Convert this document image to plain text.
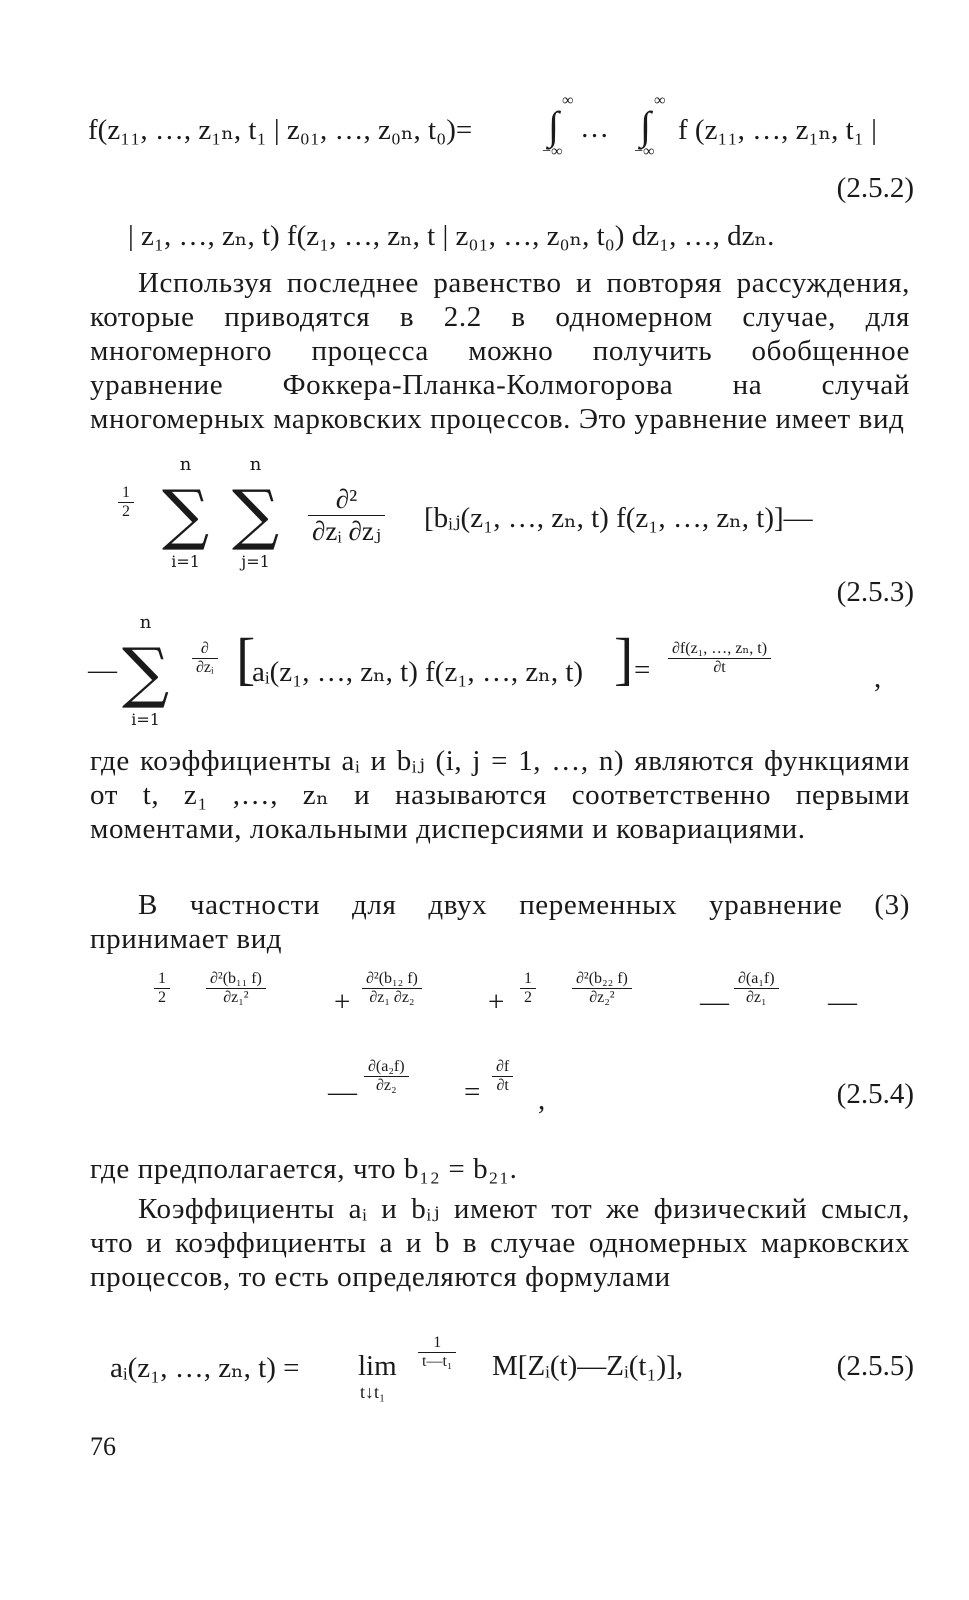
f(z₁₁, …, z₁ₙ, t₁ | z₀₁, …, z₀ₙ, t₀)= ∫
∞
−∞
… ∫
∞
−∞
f (z₁₁, …, z₁ₙ, t₁ |
(2.5.2)
| z₁, …, zₙ, t) f(z₁, …, zₙ, t | z₀₁, …, z₀ₙ, t₀) dz₁, …, dzₙ.
Используя последнее равенство и повторяя рассуждения, которые приводятся в 2.2 в одномерном случае, для многомерного процесса можно получить обобщенное уравнение Фоккера-Планка-Колмогорова на случай многомерных марковских процессов. Это уравнение имеет вид
$\frac{1}{2}$ ∑
n
i=1
∑
n
j=1
∂²
∂zᵢ ∂zⱼ [bᵢⱼ(z₁, …, zₙ, t) f(z₁, …, zₙ, t)]—
(2.5.3)
— ∑
n
i=1
∂
∂zᵢ [
aᵢ(z₁, …, zₙ, t) f(z₁, …, zₙ, t) ] = $\frac{\text{∂f(z₁, …, zₙ, t)}}{\partial t}$
,
где коэффициенты aᵢ и bᵢⱼ (i, j = 1, …, n) являются функциями от t, z₁ ,…, zₙ и называются соответственно первыми моментами, локальными дисперсиями и ковариациями.
В частности для двух переменных уравнение (3) принимает вид
$\frac{1}{2} \frac{\text{∂²(b₁₁ f)}}{\text{∂z₁²}} + \frac{\text{∂²(b₁₂ f)}}{\text{∂z₁ ∂z₂}} + \frac{1}{2} \frac{\text{∂²(b₂₂ f)}}{\text{∂z₂²}}$ — $\frac{\text{∂(a₁f)}}{\text{∂z₁}}$ —
— $\frac{\text{∂(a₂f)}}{\text{∂z₂}} = \frac{\partial f}{\partial t}$
,	(2.5.4)
где предполагается, что b₁₂ = b₂₁.
Коэффициенты aᵢ и bᵢⱼ имеют тот же физический смысл, что и коэффициенты a и b в случае одномерных марковских процессов, то есть определяются формулами
aᵢ(z₁, …, zₙ, t) = lim
t↓t₁
$\frac{1}{\text{t—t₁}}$ M[Zᵢ(t)—Zᵢ(t₁)],	(2.5.5)
76
